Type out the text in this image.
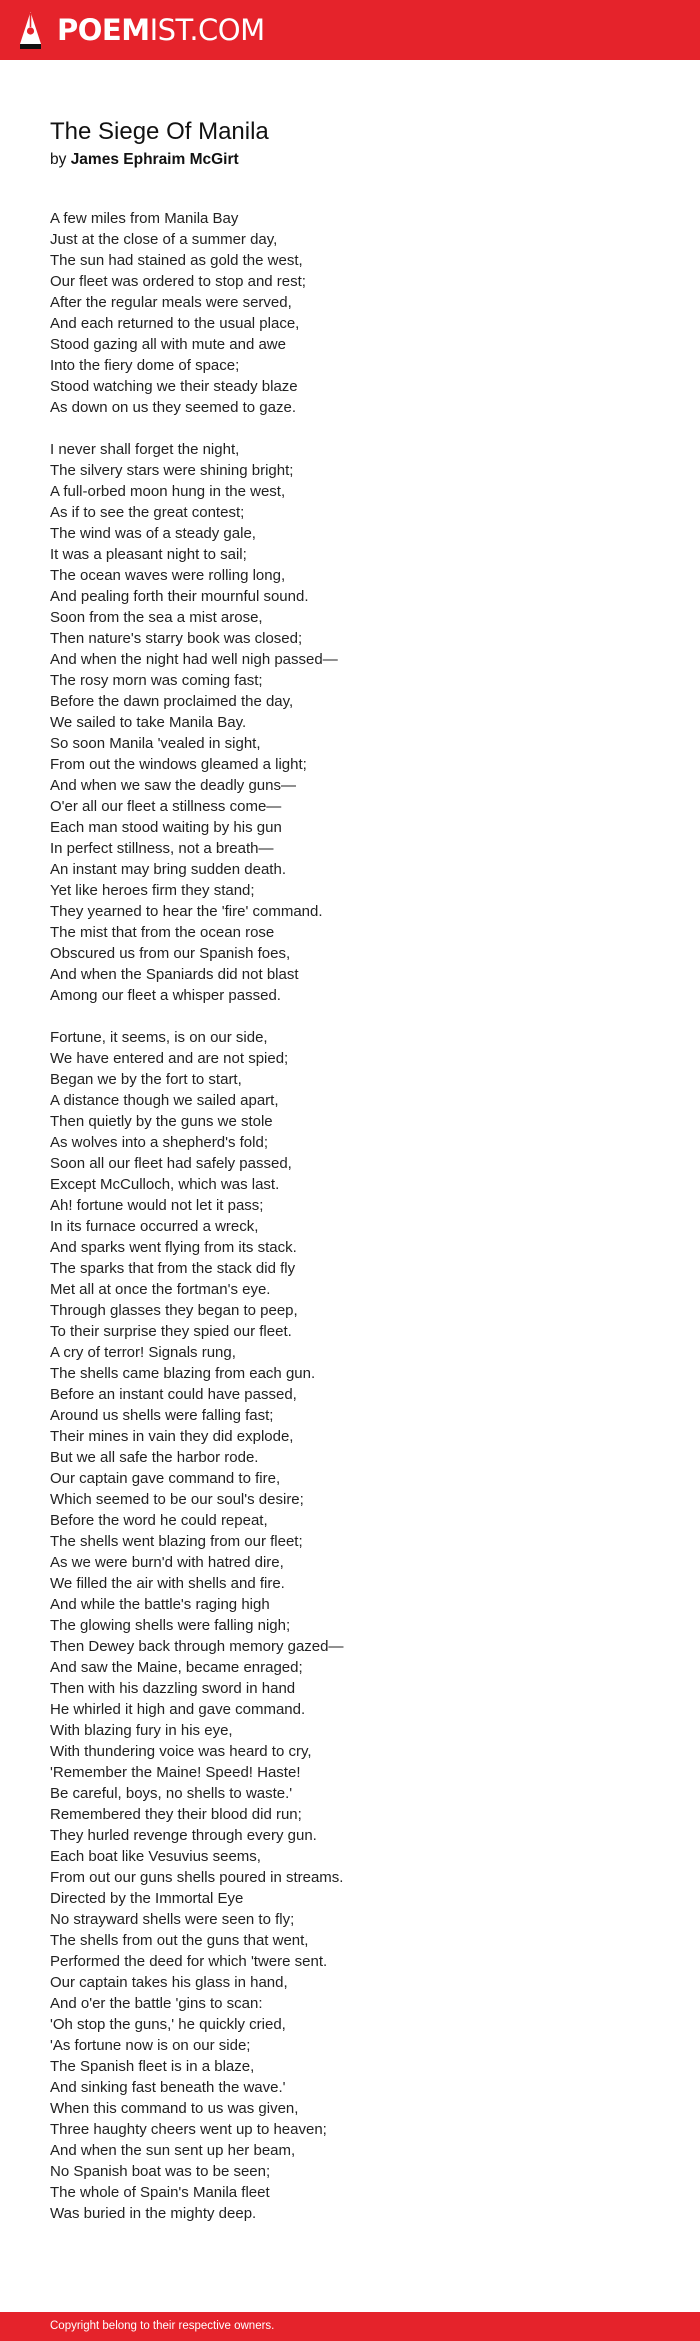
POEMIST.COM
The Siege Of Manila
by James Ephraim McGirt
A few miles from Manila Bay
Just at the close of a summer day,
The sun had stained as gold the west,
Our fleet was ordered to stop and rest;
After the regular meals were served,
And each returned to the usual place,
Stood gazing all with mute and awe
Into the fiery dome of space;
Stood watching we their steady blaze
As down on us they seemed to gaze.
I never shall forget the night,
The silvery stars were shining bright;
A full-orbed moon hung in the west,
As if to see the great contest;
The wind was of a steady gale,
It was a pleasant night to sail;
The ocean waves were rolling long,
And pealing forth their mournful sound.
Soon from the sea a mist arose,
Then nature's starry book was closed;
And when the night had well nigh passed—
The rosy morn was coming fast;
Before the dawn proclaimed the day,
We sailed to take Manila Bay.
So soon Manila 'vealed in sight,
From out the windows gleamed a light;
And when we saw the deadly guns—
O'er all our fleet a stillness come—
Each man stood waiting by his gun
In perfect stillness, not a breath—
An instant may bring sudden death.
Yet like heroes firm they stand;
They yearned to hear the 'fire' command.
The mist that from the ocean rose
Obscured us from our Spanish foes,
And when the Spaniards did not blast
Among our fleet a whisper passed.
Fortune, it seems, is on our side,
We have entered and are not spied;
Began we by the fort to start,
A distance though we sailed apart,
Then quietly by the guns we stole
As wolves into a shepherd's fold;
Soon all our fleet had safely passed,
Except McCulloch, which was last.
Ah! fortune would not let it pass;
In its furnace occurred a wreck,
And sparks went flying from its stack.
The sparks that from the stack did fly
Met all at once the fortman's eye.
Through glasses they began to peep,
To their surprise they spied our fleet.
A cry of terror! Signals rung,
The shells came blazing from each gun.
Before an instant could have passed,
Around us shells were falling fast;
Their mines in vain they did explode,
But we all safe the harbor rode.
Our captain gave command to fire,
Which seemed to be our soul's desire;
Before the word he could repeat,
The shells went blazing from our fleet;
As we were burn'd with hatred dire,
We filled the air with shells and fire.
And while the battle's raging high
The glowing shells were falling nigh;
Then Dewey back through memory gazed—
And saw the Maine, became enraged;
Then with his dazzling sword in hand
He whirled it high and gave command.
With blazing fury in his eye,
With thundering voice was heard to cry,
'Remember the Maine! Speed! Haste!
Be careful, boys, no shells to waste.'
Remembered they their blood did run;
They hurled revenge through every gun.
Each boat like Vesuvius seems,
From out our guns shells poured in streams.
Directed by the Immortal Eye
No strayward shells were seen to fly;
The shells from out the guns that went,
Performed the deed for which 'twere sent.
Our captain takes his glass in hand,
And o'er the battle 'gins to scan:
'Oh stop the guns,' he quickly cried,
'As fortune now is on our side;
The Spanish fleet is in a blaze,
And sinking fast beneath the wave.'
When this command to us was given,
Three haughty cheers went up to heaven;
And when the sun sent up her beam,
No Spanish boat was to be seen;
The whole of Spain's Manila fleet
Was buried in the mighty deep.
Copyright belong to their respective owners.
